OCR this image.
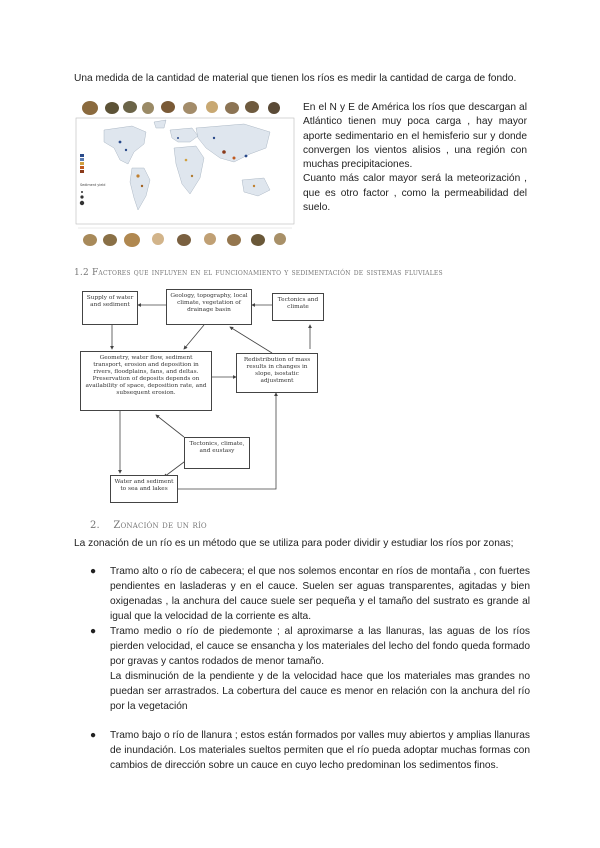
Una medida de la cantidad de material que tienen los ríos es medir la cantidad de carga de fondo.
Sediment yield

En el N y E de América los ríos que descargan al Atlántico tienen muy poca carga , hay mayor aporte sedimentario en el hemisferio sur y donde convergen los vientos alisios , una región con muchas precipitaciones.

Cuanto más calor mayor será la meteorización , que es otro factor , como la permeabilidad del suelo.

1.2 Factores que influyen en el funcionamiento y sedimentación de sistemas fluviales
Supply of water and sediment
Geology, topography, local climate, vegetation of drainage basin
Tectonics and climate
Geometry, water flow, sediment transport, erosion and deposition in rivers, floodplains, fans, and deltas. Preservation of deposits depends on availability of space, deposition rate, and subsequent erosion.
Redistribution of mass results in changes in slope, isostatic adjustment
Tectonics, climate, and eustasy
Water and sediment to sea and lakes
2. Zonación de un río
La zonación de un río es un método que se utiliza para poder dividir y estudiar los ríos por zonas;
● Tramo alto o río de cabecera; el que nos solemos encontar en ríos de montaña , con fuertes pendientes en lasladeras y en el cauce. Suelen ser aguas transparentes, agitadas y bien oxigenadas , la anchura del cauce suele ser pequeña y el tamaño del sustrato es grande al igual que la velocidad de la corriente es alta.

● Tramo medio o río de piedemonte ; al aproximarse a las llanuras, las aguas de los ríos pierden velocidad, el cauce se ensancha y los materiales del lecho del fondo queda formado por gravas y cantos rodados de menor tamaño.

La disminución de la pendiente y de la velocidad hace que los materiales mas grandes no puedan ser arrastrados. La cobertura del cauce es menor en relación con la anchura del río por la vegetación

● Tramo bajo o río de llanura ; estos están formados por valles muy abiertos y amplias llanuras de inundación. Los materiales sueltos permiten que el río pueda adoptar muchas formas con cambios de dirección sobre un cauce en cuyo lecho predominan los sedimentos finos.
